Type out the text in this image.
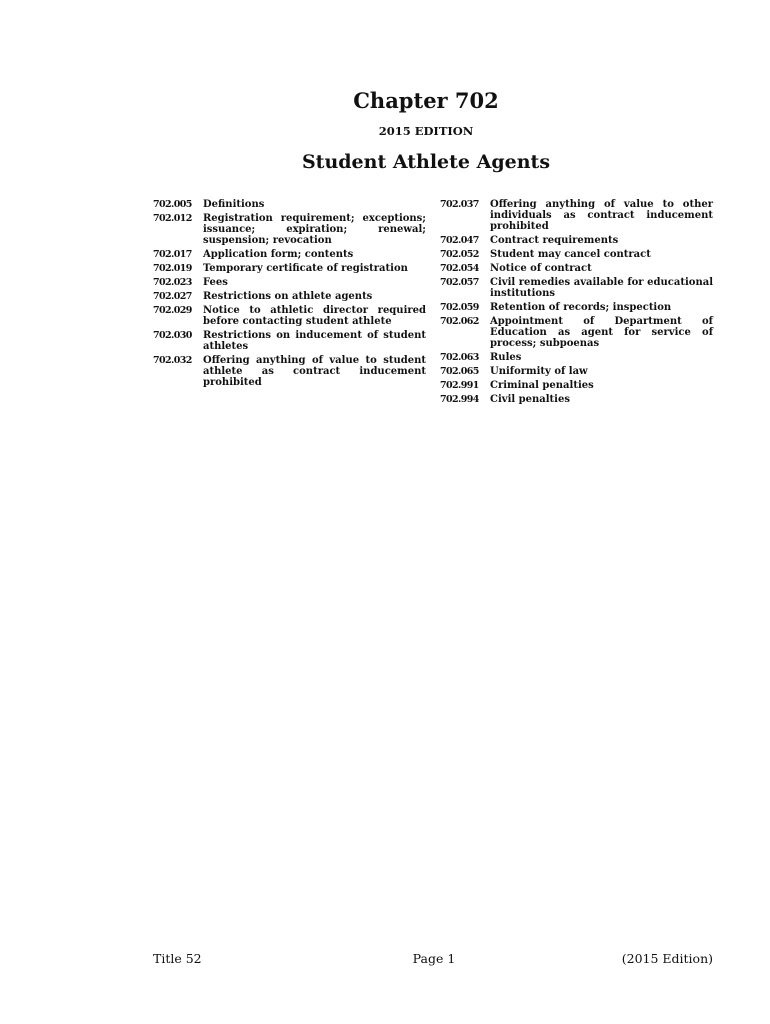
Chapter 702
2015 EDITION
Student Athlete Agents
702.005	Definitions
702.012	Registration requirement; exceptions; issuance; expiration; renewal; suspension; revocation
702.017	Application form; contents
702.019	Temporary certificate of registration
702.023	Fees
702.027	Restrictions on athlete agents
702.029	Notice to athletic director required before contacting student athlete
702.030	Restrictions on inducement of student athletes
702.032	Offering anything of value to student athlete as contract inducement prohibited
702.037	Offering anything of value to other individuals as contract inducement prohibited
702.047	Contract requirements
702.052	Student may cancel contract
702.054	Notice of contract
702.057	Civil remedies available for educational institutions
702.059	Retention of records; inspection
702.062	Appointment of Department of Education as agent for service of process; subpoenas
702.063	Rules
702.065	Uniformity of law
702.991	Criminal penalties
702.994	Civil penalties
Title 52	Page 1	(2015 Edition)
